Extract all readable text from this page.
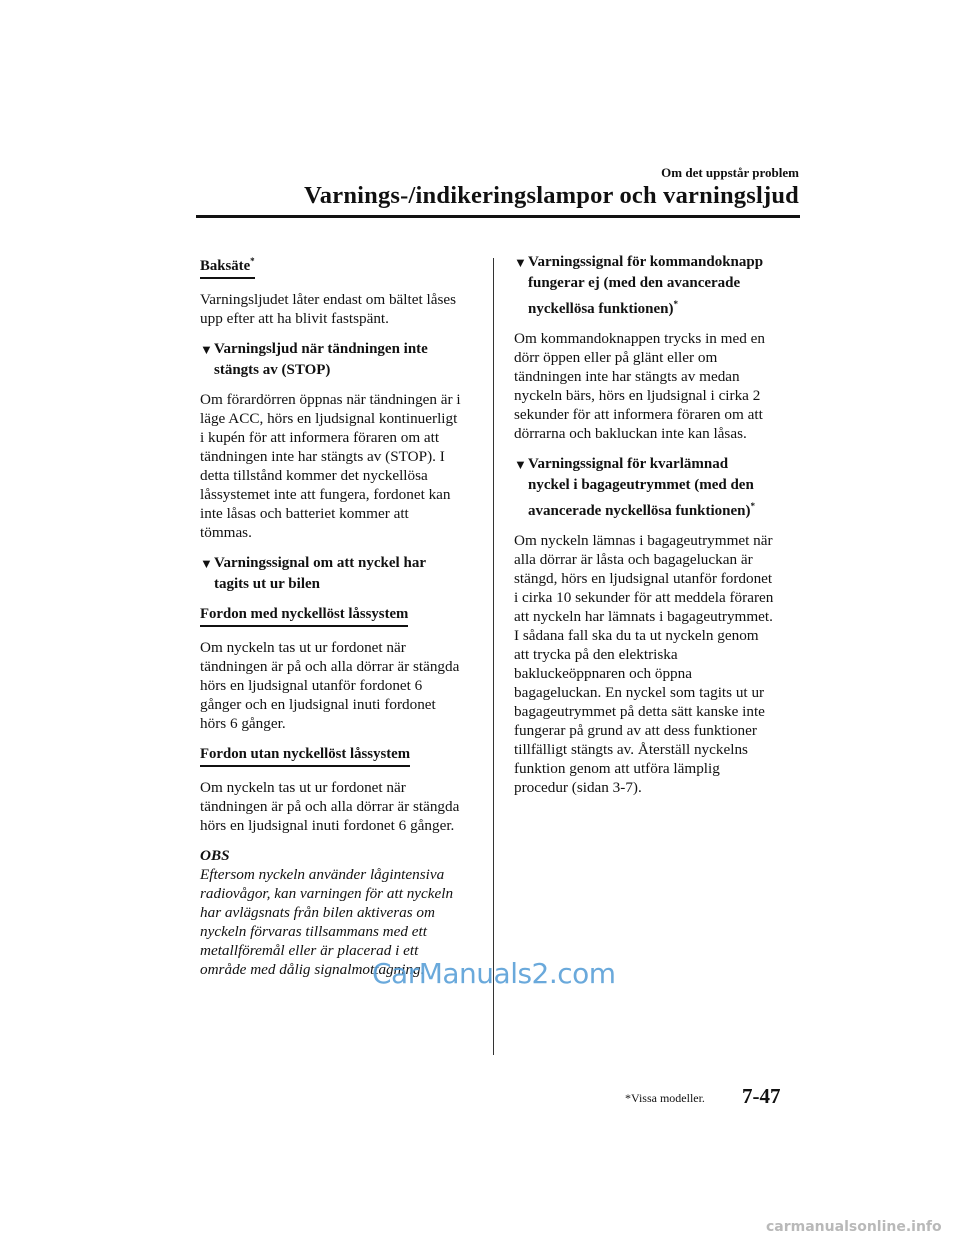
Om det uppstår problem
Varnings-/indikeringslampor och varningsljud
Baksäte*
Varningsljudet låter endast om bältet låses
upp efter att ha blivit fastspänt.
▼ Varningsljud när tändningen inte
stängts av (STOP)
Om förardörren öppnas när tändningen är i
läge ACC, hörs en ljudsignal kontinuerligt
i kupén för att informera föraren om att
tändningen inte har stängts av (STOP). I
detta tillstånd kommer det nyckellösa
låssystemet inte att fungera, fordonet kan
inte låsas och batteriet kommer att
tömmas.
▼ Varningssignal om att nyckel har
tagits ut ur bilen
Fordon med nyckellöst låssystem
Om nyckeln tas ut ur fordonet när
tändningen är på och alla dörrar är stängda
hörs en ljudsignal utanför fordonet 6
gånger och en ljudsignal inuti fordonet
hörs 6 gånger.
Fordon utan nyckellöst låssystem
Om nyckeln tas ut ur fordonet när
tändningen är på och alla dörrar är stängda
hörs en ljudsignal inuti fordonet 6 gånger.
OBS
Eftersom nyckeln använder lågintensiva
radiovågor, kan varningen för att nyckeln
har avlägsnats från bilen aktiveras om
nyckeln förvaras tillsammans med ett
metallföremål eller är placerad i ett
område med dålig signalmottagning.
▼ Varningssignal för kommandoknapp
fungerar ej (med den avancerade
nyckellösa funktionen)*
Om kommandoknappen trycks in med en
dörr öppen eller på glänt eller om
tändningen inte har stängts av medan
nyckeln bärs, hörs en ljudsignal i cirka 2
sekunder för att informera föraren om att
dörrarna och bakluckan inte kan låsas.
▼ Varningssignal för kvarlämnad
nyckel i bagageutrymmet (med den
avancerade nyckellösa funktionen)*
Om nyckeln lämnas i bagageutrymmet när
alla dörrar är låsta och bagageluckan är
stängd, hörs en ljudsignal utanför fordonet
i cirka 10 sekunder för att meddela föraren
att nyckeln har lämnats i bagageutrymmet.
I sådana fall ska du ta ut nyckeln genom
att trycka på den elektriska
bakluckeöppnaren och öppna
bagageluckan. En nyckel som tagits ut ur
bagageutrymmet på detta sätt kanske inte
fungerar på grund av att dess funktioner
tillfälligt stängts av. Återställ nyckelns
funktion genom att utföra lämplig
procedur (sidan 3-7).
CarManuals2.com
*Vissa modeller. 7-47
carmanualsonline.info
